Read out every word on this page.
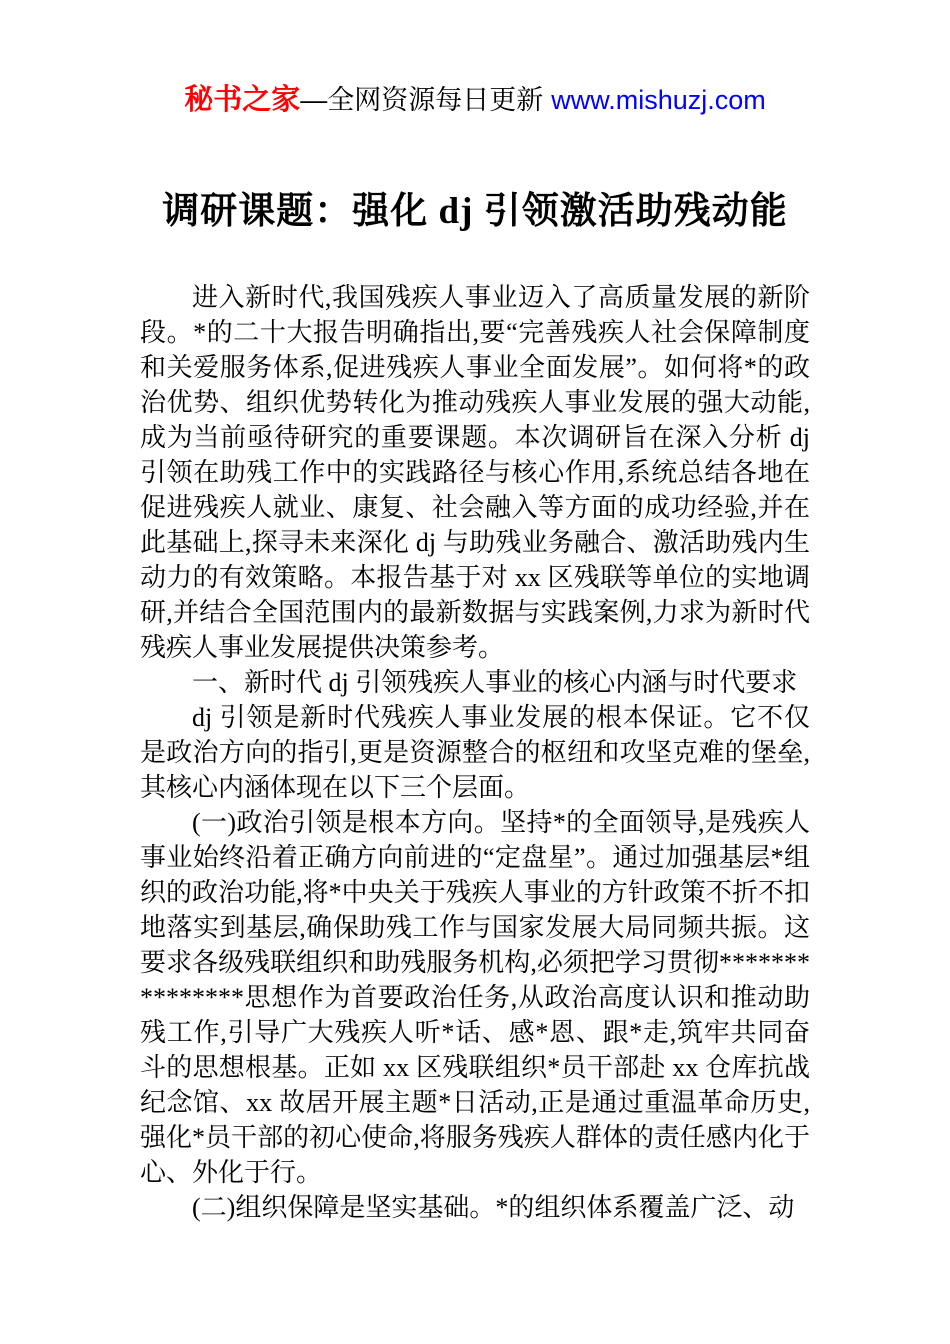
秘书之家—全网资源每日更新 www.mishuzj.com
调研课题：强化 dj 引领激活助残动能

进入新时代,我国残疾人事业迈入了高质量发展的新阶段。*的二十大报告明确指出,要“完善残疾人社会保障制度和关爱服务体系,促进残疾人事业全面发展”。如何将*的政治优势、组织优势转化为推动残疾人事业发展的强大动能,成为当前亟待研究的重要课题。本次调研旨在深入分析 dj 引领在助残工作中的实践路径与核心作用,系统总结各地在促进残疾人就业、康复、社会融入等方面的成功经验,并在此基础上,探寻未来深化 dj 与助残业务融合、激活助残内生动力的有效策略。本报告基于对 xx 区残联等单位的实地调研,并结合全国范围内的最新数据与实践案例,力求为新时代残疾人事业发展提供决策参考。

一、新时代 dj 引领残疾人事业的核心内涵与时代要求

dj 引领是新时代残疾人事业发展的根本保证。它不仅是政治方向的指引,更是资源整合的枢纽和攻坚克难的堡垒,其核心内涵体现在以下三个层面。

(一)政治引领是根本方向。坚持*的全面领导,是残疾人事业始终沿着正确方向前进的“定盘星”。通过加强基层*组织的政治功能,将*中央关于残疾人事业的方针政策不折不扣地落实到基层,确保助残工作与国家发展大局同频共振。这要求各级残联组织和助残服务机构,必须把学习贯彻***************思想作为首要政治任务,从政治高度认识和推动助残工作,引导广大残疾人听*话、感*恩、跟*走,筑牢共同奋斗的思想根基。正如 xx 区残联组织*员干部赴 xx 仓库抗战纪念馆、xx 故居开展主题*日活动,正是通过重温革命历史,强化*员干部的初心使命,将服务残疾人群体的责任感内化于心、外化于行。

(二)组织保障是坚实基础。*的组织体系覆盖广泛、动
